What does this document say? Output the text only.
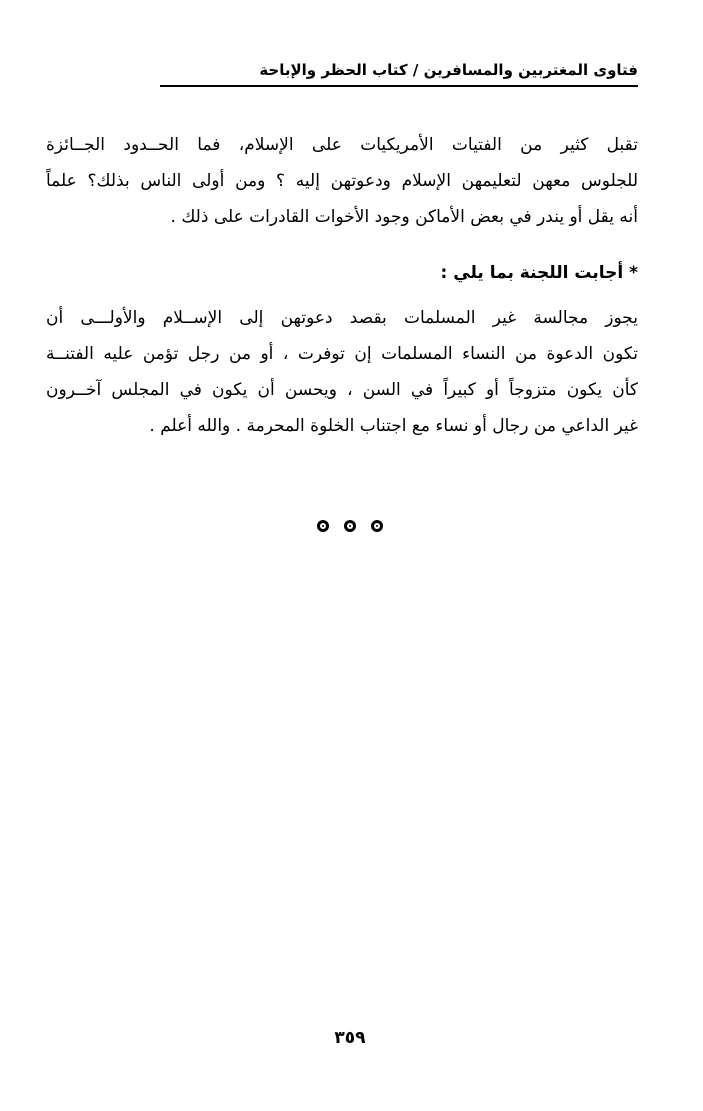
فتاوى المغتربين والمسافرين / كتاب الحظر والإباحة
تقبل كثير من الفتيات الأمريكيات على الإسلام، فما الحــدود الجــائزة
للجلوس معهن لتعليمهن الإسلام ودعوتهن إليه ؟ ومن أولى الناس بذلك؟ علماً
أنه يقل أو يندر في بعض الأماكن وجود الأخوات القادرات على ذلك .
* أجابت اللجنة بما يلي :
يجوز مجالسة غير المسلمات بقصد دعوتهن إلى الإســلام والأولـــى أن
تكون الدعوة من النساء المسلمات إن توفرت ، أو من رجل تؤمن عليه الفتنــة
كأن يكون متزوجاً أو كبيراً في السن ، ويحسن أن يكون في المجلس آخــرون
غير الداعي من رجال أو نساء مع اجتناب الخلوة المحرمة . والله أعلم .

٣٥٩
